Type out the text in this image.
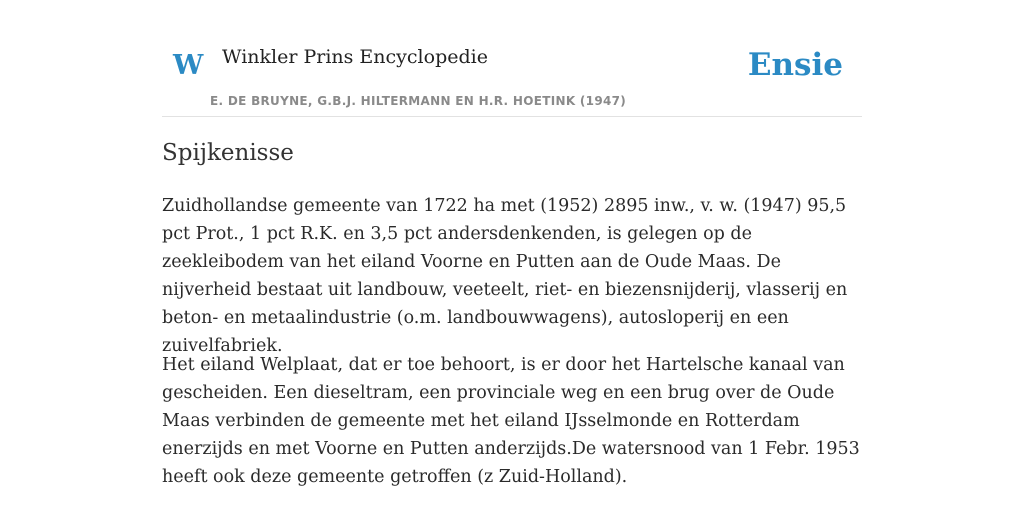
W Winkler Prins Encyclopedie
E. DE BRUYNE, G.B.J. HILTERMANN EN H.R. HOETINK (1947)
Ensie
Spijkenisse

Zuidhollandse gemeente van 1722 ha met (1952) 2895 inw., v. w. (1947) 95,5 pct Prot., 1 pct R.K. en 3,5 pct andersdenkenden, is gelegen op de zeekleibodem van het eiland Voorne en Putten aan de Oude Maas. De nijverheid bestaat uit landbouw, veeteelt, riet- en biezensnijderij, vlasserij en beton- en metaalindustrie (o.m. landbouwwagens), autosloperij en een zuivelfabriek.

Het eiland Welplaat, dat er toe behoort, is er door het Hartelsche kanaal van gescheiden. Een dieseltram, een provinciale weg en een brug over de Oude Maas verbinden de gemeente met het eiland IJsselmonde en Rotterdam enerzijds en met Voorne en Putten anderzijds.De watersnood van 1 Febr. 1953 heeft ook deze gemeente getroffen (z Zuid-Holland).
